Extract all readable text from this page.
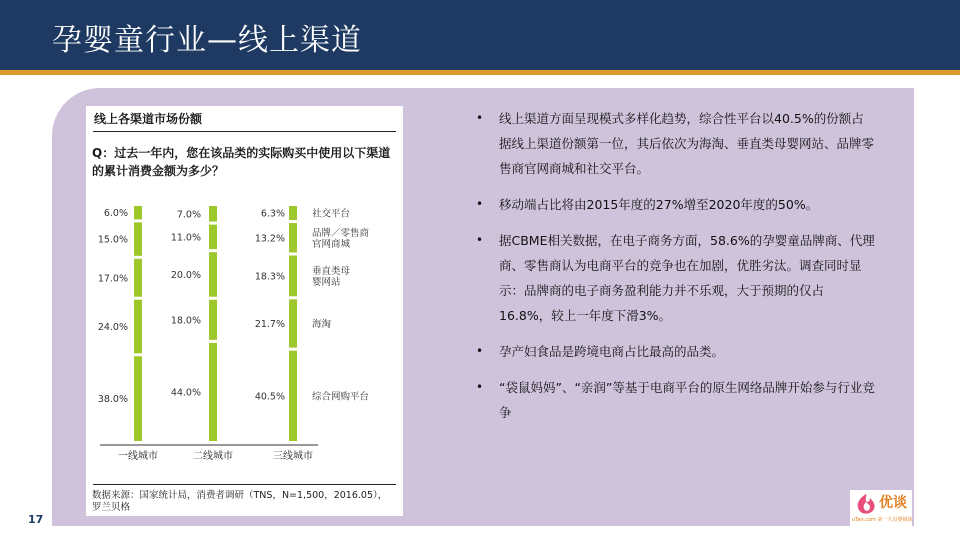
孕婴童行业—线上渠道
线上各渠道市场份额
Q：过去一年内，您在该品类的实际购买中使用以下渠道的累计消费金额为多少？
6.0%
15.0%
17.0%
24.0%
38.0%
一线城市
7.0%
11.0%
20.0%
18.0%
44.0%
二线城市
6.3%
13.2%
18.3%
21.7%
40.5%
三线城市
社交平台
品牌／零售商官网商城
垂直类母婴网站
海淘
综合网购平台
数据来源：国家统计局，消费者调研（TNS，N=1,500，2016.05），罗兰贝格
• 线上渠道方面呈现模式多样化趋势，综合性平台以40.5%的份额占据线上渠道份额第一位，其后依次为海淘、垂直类母婴网站、品牌零售商官网商城和社交平台。
• 移动端占比将由2015年度的27%增至2020年度的50%。
• 据CBME相关数据，在电子商务方面，58.6%的孕婴童品牌商、代理商、零售商认为电商平台的竞争也在加剧，优胜劣汰。调查同时显示：品牌商的电子商务盈利能力并不乐观，大于预期的仅占16.8%，较上一年度下滑3%。
• 孕产妇食品是跨境电商占比最高的品类。
• “袋鼠妈妈”、“亲润”等基于电商平台的原生网络品牌开始参与行业竞争
17
优谈
uTan.com 第一大母婴媒体
